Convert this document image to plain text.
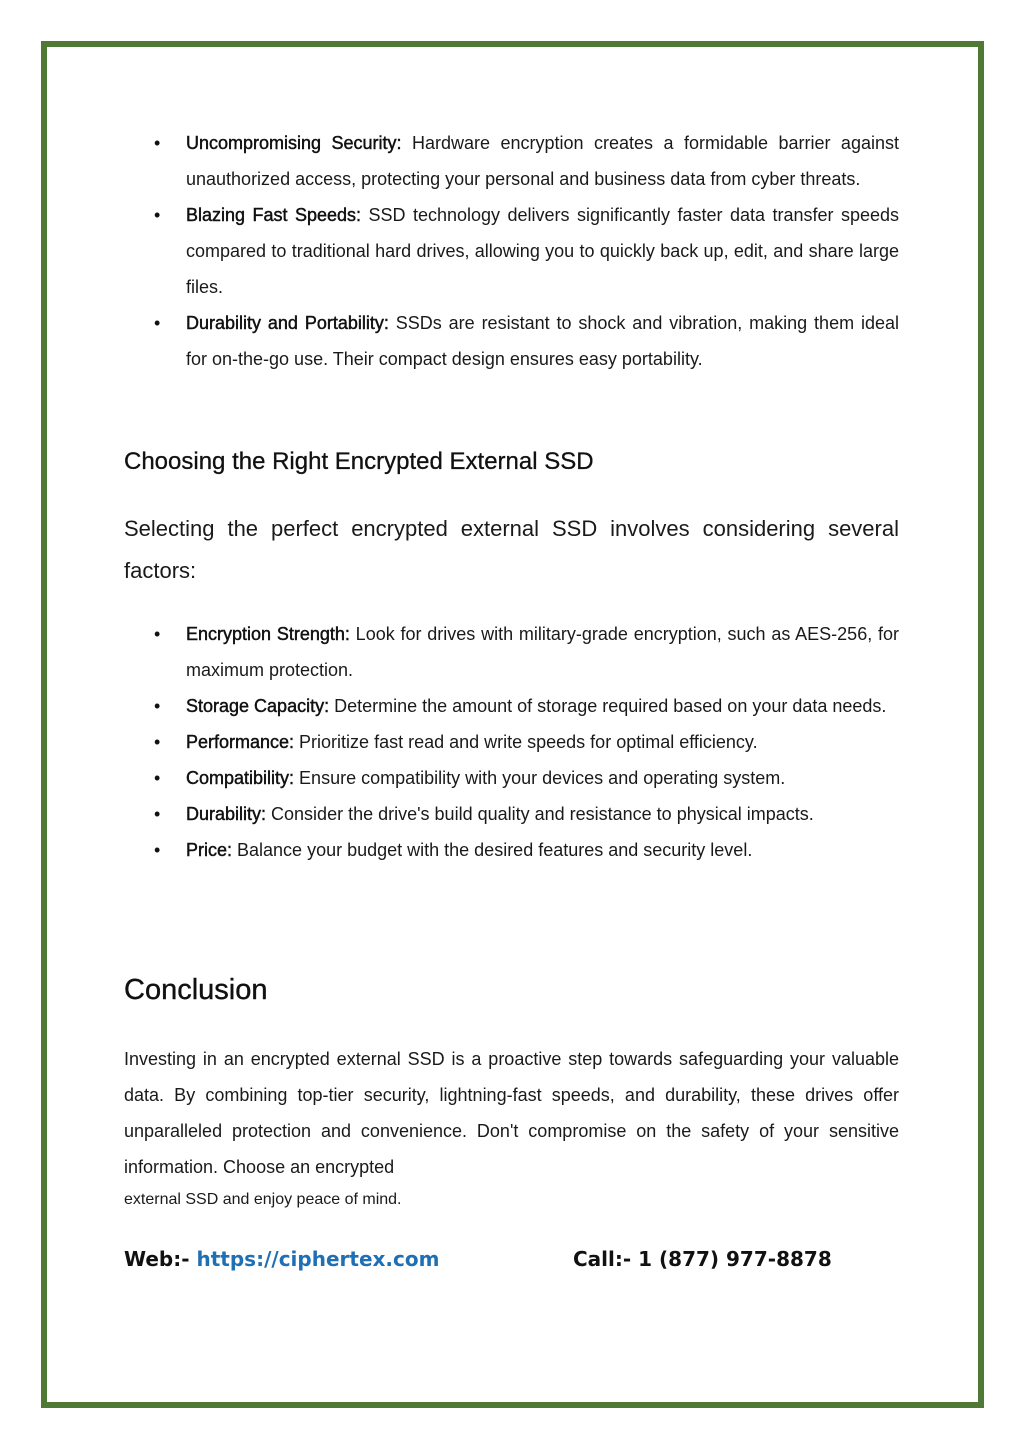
• Uncompromising Security: Hardware encryption creates a formidable barrier against unauthorized access, protecting your personal and business data from cyber threats.
• Blazing Fast Speeds: SSD technology delivers significantly faster data transfer speeds compared to traditional hard drives, allowing you to quickly back up, edit, and share large files.
• Durability and Portability: SSDs are resistant to shock and vibration, making them ideal for on-the-go use. Their compact design ensures easy portability.
Choosing the Right Encrypted External SSD

Selecting the perfect encrypted external SSD involves considering several factors:

• Encryption Strength: Look for drives with military-grade encryption, such as AES-256, for maximum protection.
• Storage Capacity: Determine the amount of storage required based on your data needs.
• Performance: Prioritize fast read and write speeds for optimal efficiency.
• Compatibility: Ensure compatibility with your devices and operating system.
• Durability: Consider the drive's build quality and resistance to physical impacts.
• Price: Balance your budget with the desired features and security level.
Conclusion

Investing in an encrypted external SSD is a proactive step towards safeguarding your valuable data. By combining top-tier security, lightning-fast speeds, and durability, these drives offer unparalleled protection and convenience. Don't compromise on the safety of your sensitive information. Choose an encrypted
external SSD and enjoy peace of mind.

Web:- https://ciphertex.com	Call:- 1 (877) 977-8878
